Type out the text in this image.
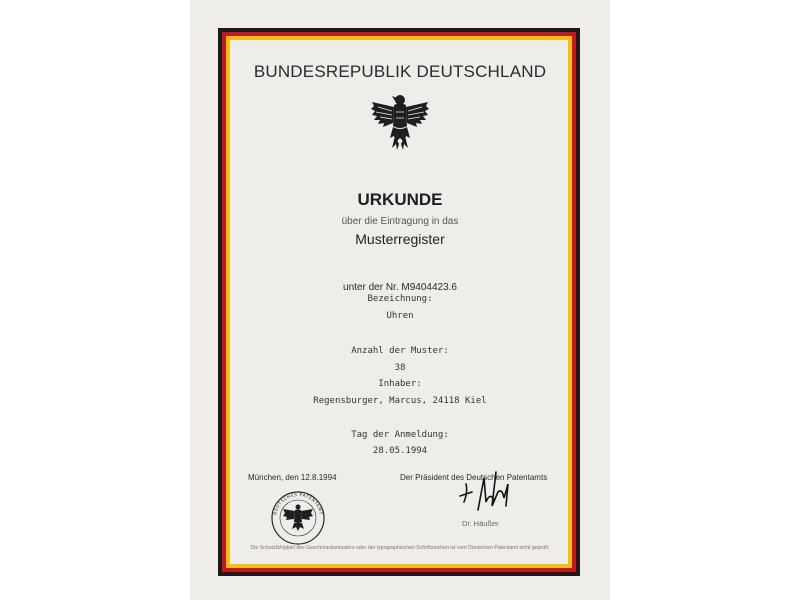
BUNDESREPUBLIK DEUTSCHLAND
URKUNDE
über die Eintragung in das
Musterregister
unter der Nr. M9404423.6
Bezeichnung:
Uhren
Anzahl der Muster:
38
Inhaber:
Regensburger, Marcus, 24118 Kiel
Tag der Anmeldung:
28.05.1994
München, den 12.8.1994	Der Präsident des Deutschen Patentamts
DEUTSCHES PATENTAMT
Dr. Häußer
Die Schutzfähigkeit des Geschmacksmusters oder der typographischen Schriftzeichen ist vom Deutschen Patentamt nicht geprüft.
